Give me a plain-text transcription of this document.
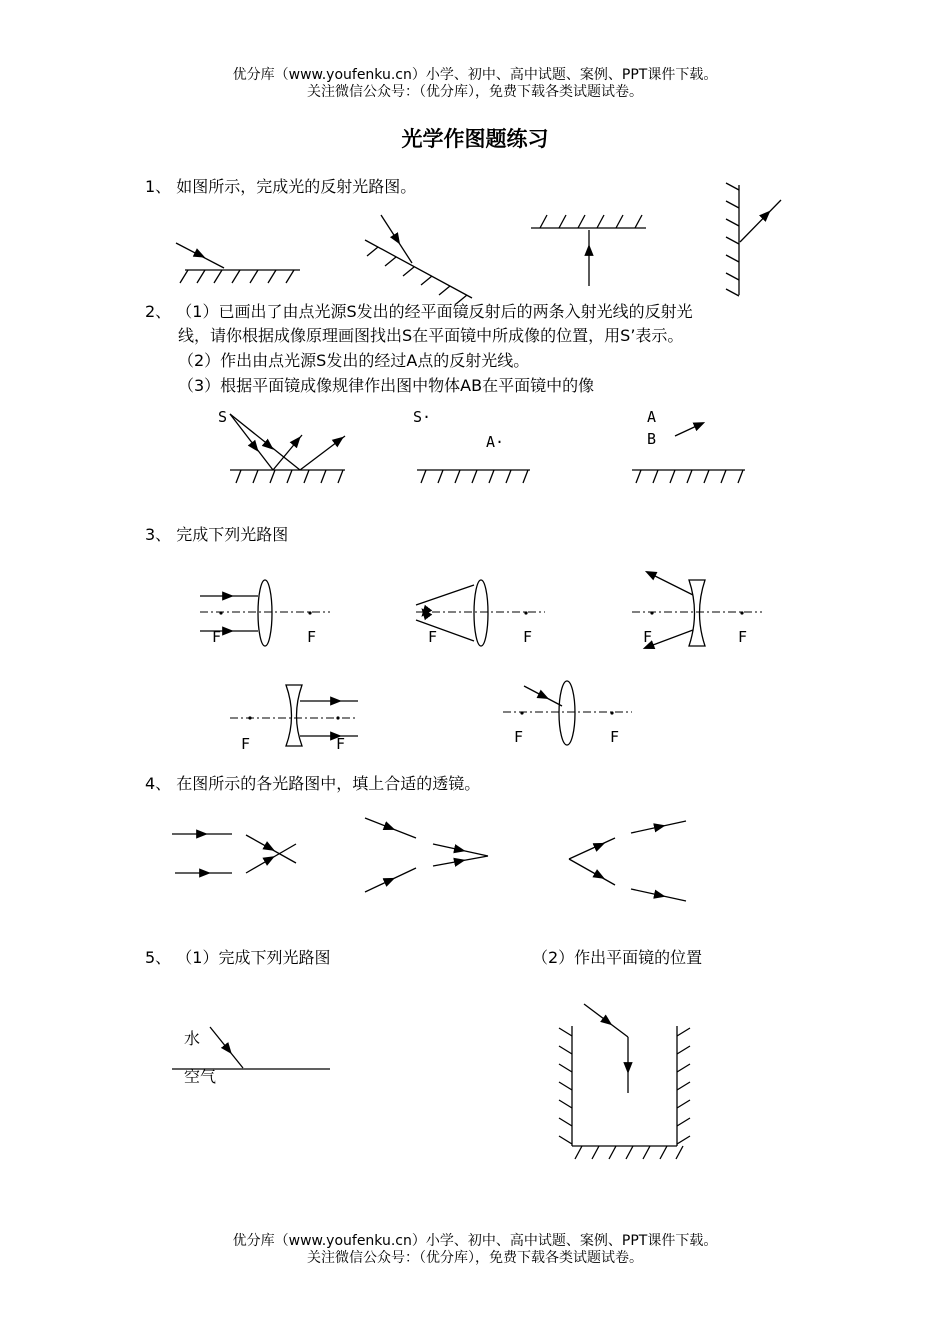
优分库（www.youfenku.cn）小学、初中、高中试题、案例、PPT课件下载。
关注微信公众号：（优分库），免费下载各类试题试卷。
光学作图题练习
1、 如图所示，完成光的反射光路图。
2、 （1）已画出了由点光源S发出的经平面镜反射后的两条入射光线的反射光
线，请你根据成像原理画图找出S在平面镜中所成像的位置，用S’表示。
（2）作出由点光源S发出的经过A点的反射光线。
（3）根据平面镜成像规律作出图中物体AB在平面镜中的像
3、 完成下列光路图
4、 在图所示的各光路图中，填上合适的透镜。
5、 （1）完成下列光路图	（2）作出平面镜的位置
S	S·
A·
A
B
F	F	F	F	F	F
F	F	F	F
水
空气
优分库（www.youfenku.cn）小学、初中、高中试题、案例、PPT课件下载。
关注微信公众号：（优分库），免费下载各类试题试卷。
